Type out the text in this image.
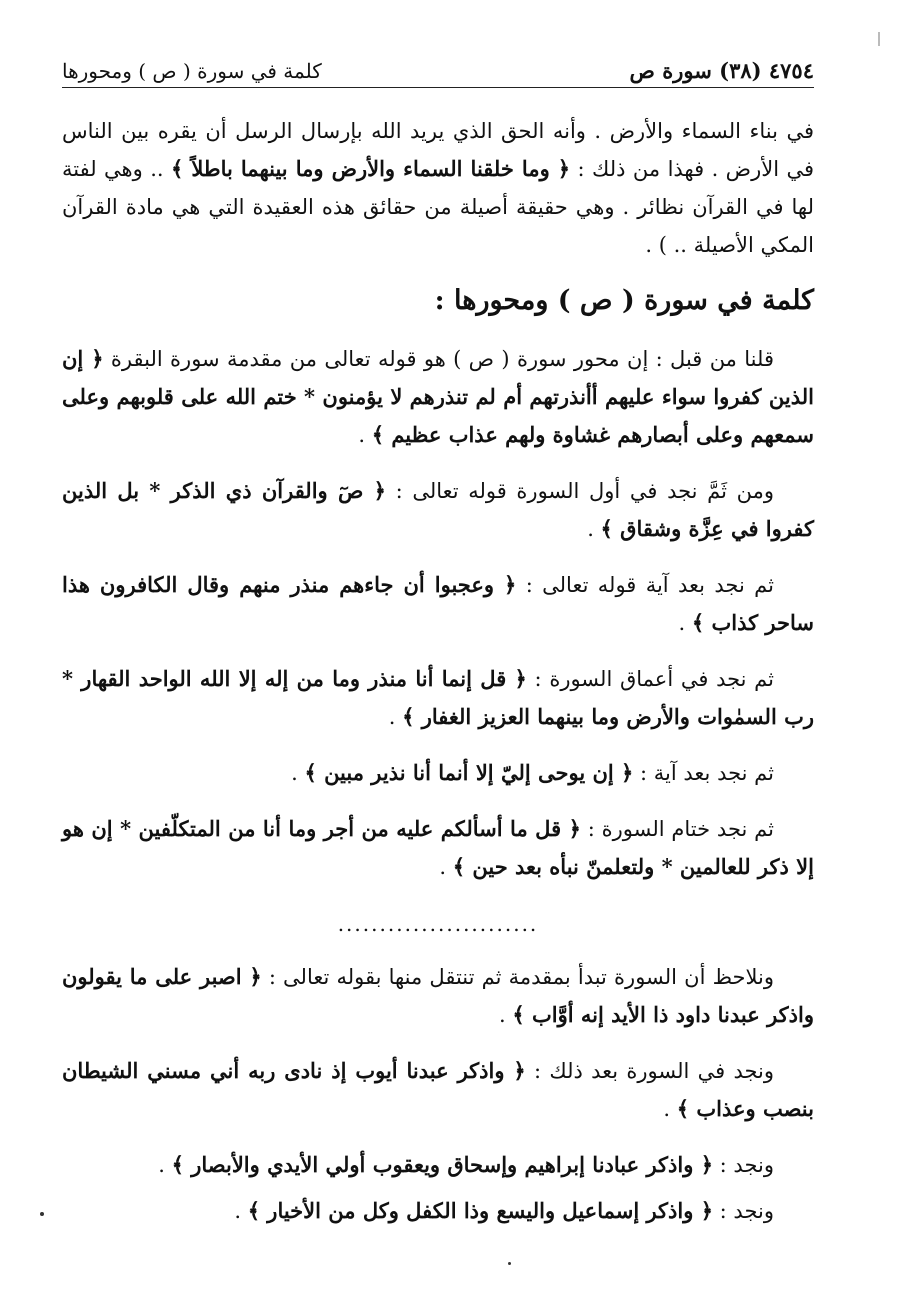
٤٧٥٤ (٣٨) سورة ص
كلمة في سورة ( ص ) ومحورها

في بناء السماء والأرض . وأنه الحق الذي يريد الله بإرسال الرسل أن يقره بين الناس في الأرض . فهذا من ذلك : ﴿ وما خلقنا السماء والأرض وما بينهما باطلاً ﴾ .. وهي لفتة لها في القرآن نظائر . وهي حقيقة أصيلة من حقائق هذه العقيدة التي هي مادة القرآن المكي الأصيلة .. ) .

كلمة في سورة ( ص ) ومحورها :

قلنا من قبل : إن محور سورة ( ص ) هو قوله تعالى من مقدمة سورة البقرة ﴿ إن الذين كفروا سواء عليهم أأنذرتهم أم لم تنذرهم لا يؤمنون * ختم الله على قلوبهم وعلى سمعهم وعلى أبصارهم غشاوة ولهم عذاب عظيم ﴾ .

ومن ثَمَّ نجد في أول السورة قوله تعالى : ﴿ صٓ والقرآن ذي الذكر * بل الذين كفروا في عِزَّة وشقاق ﴾ .

ثم نجد بعد آية قوله تعالى : ﴿ وعجبوا أن جاءهم منذر منهم وقال الكافرون هذا ساحر كذاب ﴾ .

ثم نجد في أعماق السورة : ﴿ قل إنما أنا منذر وما من إله إلا الله الواحد القهار * رب السمٰوات والأرض وما بينهما العزيز الغفار ﴾ .

ثم نجد بعد آية : ﴿ إن يوحى إليّ إلا أنما أنا نذير مبين ﴾ .

ثم نجد ختام السورة : ﴿ قل ما أسألكم عليه من أجر وما أنا من المتكلّفين * إن هو إلا ذكر للعالمين * ولتعلمنّ نبأه بعد حين ﴾ .

........................

ونلاحظ أن السورة تبدأ بمقدمة ثم تنتقل منها بقوله تعالى : ﴿ اصبر على ما يقولون واذكر عبدنا داود ذا الأيد إنه أوَّاب ﴾ .

ونجد في السورة بعد ذلك : ﴿ واذكر عبدنا أيوب إذ نادى ربه أني مسني الشيطان بنصب وعذاب ﴾ .

ونجد : ﴿ واذكر عبادنا إبراهيم وإسحاق ويعقوب أولي الأيدي والأبصار ﴾ .

ونجد : ﴿ واذكر إسماعيل واليسع وذا الكفل وكل من الأخيار ﴾ .
